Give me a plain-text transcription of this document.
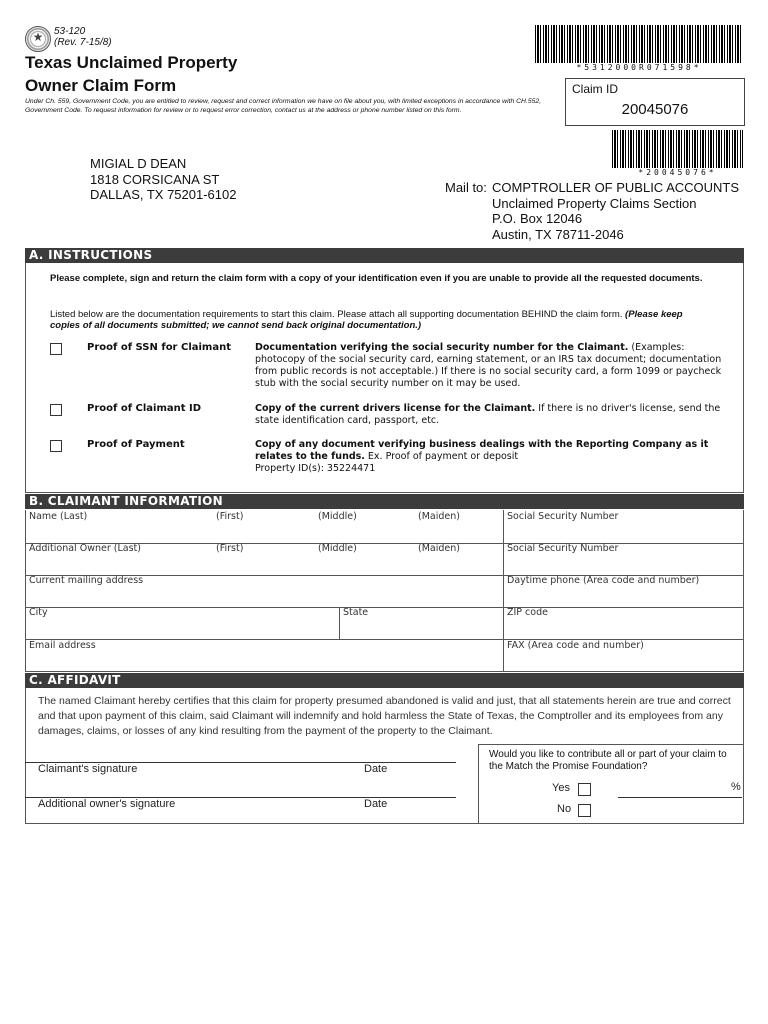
★	53-120
(Rev. 7-15/8)
Texas Unclaimed Property
Owner Claim Form
Under Ch. 559, Government Code, you are entitled to review, request and correct information we have on file about you, with limited exceptions in accordance with CH.552, Government Code. To request information for review or to request error correction, contact us at the address or phone number listed on this form.
*5312000R071598*
Claim ID
20045076
*20045076*
MIGIAL D DEAN
1818 CORSICANA ST
DALLAS, TX 75201-6102	Mail to: COMPTROLLER OF PUBLIC ACCOUNTS
Unclaimed Property Claims Section
P.O. Box 12046
Austin, TX 78711-2046
A. INSTRUCTIONS
Please complete, sign and return the claim form with a copy of your identification even if you are unable to provide all the requested documents.
Listed below are the documentation requirements to start this claim. Please attach all supporting documentation BEHIND the claim form. (Please keep copies of all documents submitted; we cannot send back original documentation.)
Proof of SSN for Claimant	Documentation verifying the social security number for the Claimant. (Examples: photocopy of the social security card, earning statement, or an IRS tax document; documentation from public records is not acceptable.) If there is no social security card, a form 1099 or paycheck stub with the social security number on it may be used.
Proof of Claimant ID	Copy of the current drivers license for the Claimant. If there is no driver's license, send the state identification card, passport, etc.
Proof of Payment	Copy of any document verifying business dealings with the Reporting Company as it relates to the funds. Ex. Proof of payment or deposit
Property ID(s): 35224471
B. CLAIMANT INFORMATION
Name (Last)	(First)	(Middle)	(Maiden)	Social Security Number
Additional Owner (Last)	(First)	(Middle)	(Maiden)	Social Security Number
Current mailing address	Daytime phone (Area code and number)
City	State	ZIP code
Email address	FAX (Area code and number)
C. AFFIDAVIT
The named Claimant hereby certifies that this claim for property presumed abandoned is valid and just, that all statements herein are true and correct and that upon payment of this claim, said Claimant will indemnify and hold harmless the State of Texas, the Comptroller and its employees from any damages, claims, or losses of any kind resulting from the payment of the property to the Claimant.
Claimant's signature	Date
Additional owner's signature	Date
Would you like to contribute all or part of your claim to the Match the Promise Foundation?
Yes
No
%
